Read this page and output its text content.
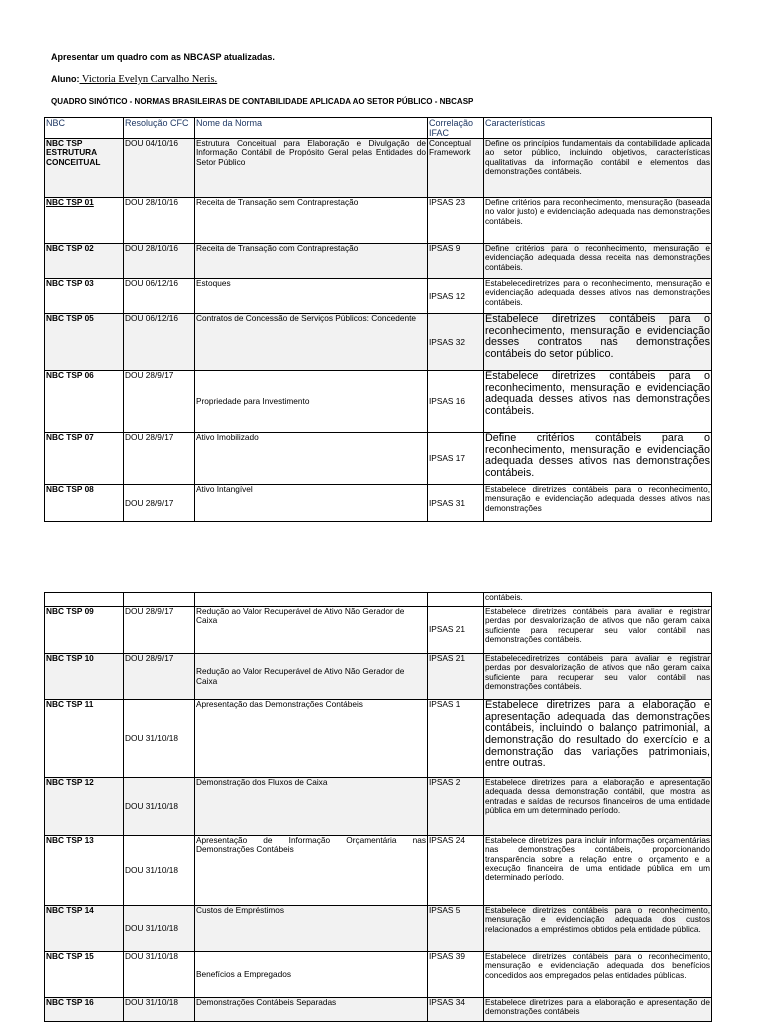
Apresentar um quadro com as NBCASP atualizadas.
Aluno: Victoria Evelyn Carvalho Neris.
QUADRO SINÓTICO - NORMAS BRASILEIRAS DE CONTABILIDADE APLICADA AO SETOR PÚBLICO - NBCASP
NBC	Resolução CFC	Nome da Norma	Correlação IFAC	Características
NBC TSP ESTRUTURA CONCEITUAL	DOU 04/10/16	Estrutura Conceitual para Elaboração e Divulgação de Informação Contábil de Propósito Geral pelas Entidades do Setor Público	Conceptual Framework	Define os princípios fundamentais da contabilidade aplicada ao setor público, incluindo objetivos, características qualitativas da informação contábil e elementos das demonstrações contábeis.
NBC TSP 01	DOU 28/10/16	Receita de Transação sem Contraprestação	IPSAS 23	Define critérios para reconhecimento, mensuração (baseada no valor justo) e evidenciação adequada nas demonstrações contábeis.
NBC TSP 02	DOU 28/10/16	Receita de Transação com Contraprestação	IPSAS 9	Define critérios para o reconhecimento, mensuração e evidenciação adequada dessa receita nas demonstrações contábeis.
NBC TSP 03	DOU 06/12/16	Estoques	IPSAS 12	Estabelecediretrizes para o reconhecimento, mensuração e evidenciação adequada desses ativos nas demonstrações contábeis.
NBC TSP 05	DOU 06/12/16	Contratos de Concessão de Serviços Públicos: Concedente	IPSAS 32	Estabelece diretrizes contábeis para o reconhecimento, mensuração e evidenciação desses contratos nas demonstrações contábeis do setor público.
NBC TSP 06	DOU 28/9/17	Propriedade para Investimento	IPSAS 16	Estabelece diretrizes contábeis para o reconhecimento, mensuração e evidenciação adequada desses ativos nas demonstrações contábeis.
NBC TSP 07	DOU 28/9/17	Ativo Imobilizado	IPSAS 17	Define critérios contábeis para o reconhecimento, mensuração e evidenciação adequada desses ativos nas demonstrações contábeis.
NBC TSP 08	DOU 28/9/17	Ativo Intangível	IPSAS 31	Estabelece diretrizes contábeis para o reconhecimento, mensuração e evidenciação adequada desses ativos nas demonstrações
				contábeis.
NBC TSP 09	DOU 28/9/17	Redução ao Valor Recuperável de Ativo Não Gerador de Caixa	IPSAS 21	Estabelece diretrizes contábeis para avaliar e registrar perdas por desvalorização de ativos que não geram caixa suficiente para recuperar seu valor contábil nas demonstrações contábeis.
NBC TSP 10	DOU 28/9/17	Redução ao Valor Recuperável de Ativo Não Gerador de Caixa	IPSAS 21	Estabelecediretrizes contábeis para avaliar e registrar perdas por desvalorização de ativos que não geram caixa suficiente para recuperar seu valor contábil nas demonstrações contábeis.
NBC TSP 11	DOU 31/10/18	Apresentação das Demonstrações Contábeis	IPSAS 1	Estabelece diretrizes para a elaboração e apresentação adequada das demonstrações contábeis, incluindo o balanço patrimonial, a demonstração do resultado do exercício e a demonstração das variações patrimoniais, entre outras.
NBC TSP 12	DOU 31/10/18	Demonstração dos Fluxos de Caixa	IPSAS 2	Estabelece diretrizes para a elaboração e apresentação adequada dessa demonstração contábil, que mostra as entradas e saídas de recursos financeiros de uma entidade pública em um determinado período.
NBC TSP 13	DOU 31/10/18	Apresentação de Informação Orçamentária nas Demonstrações Contábeis	IPSAS 24	Estabelece diretrizes para incluir informações orçamentárias nas demonstrações contábeis, proporcionando transparência sobre a relação entre o orçamento e a execução financeira de uma entidade pública em um determinado período.
NBC TSP 14	DOU 31/10/18	Custos de Empréstimos	IPSAS 5	Estabelece diretrizes contábeis para o reconhecimento, mensuração e evidenciação adequada dos custos relacionados a empréstimos obtidos pela entidade pública.
NBC TSP 15	DOU 31/10/18	Benefícios a Empregados	IPSAS 39	Estabelece diretrizes contábeis para o reconhecimento, mensuração e evidenciação adequada dos benefícios concedidos aos empregados pelas entidades públicas.
NBC TSP 16	DOU 31/10/18	Demonstrações Contábeis Separadas	IPSAS 34	Estabelece diretrizes para a elaboração e apresentação de demonstrações contábeis
